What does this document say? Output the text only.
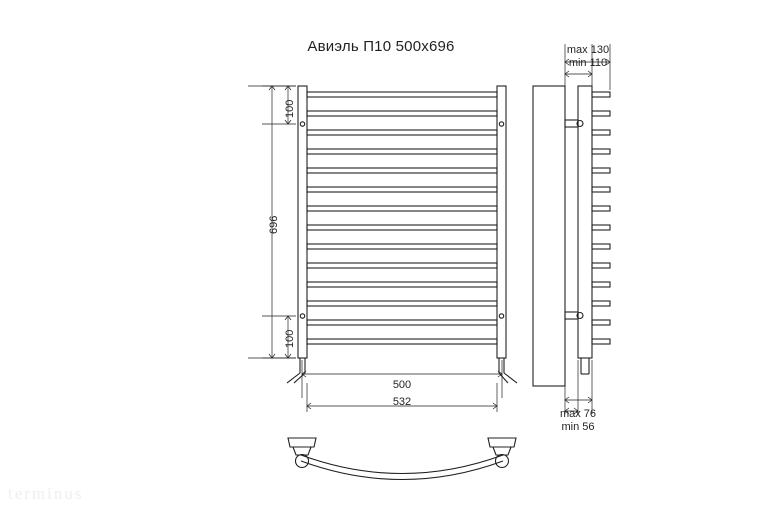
Авиэль П10 500x696
100
696
100
500
532
max 130
min 110
max 76
min 56
terminus
